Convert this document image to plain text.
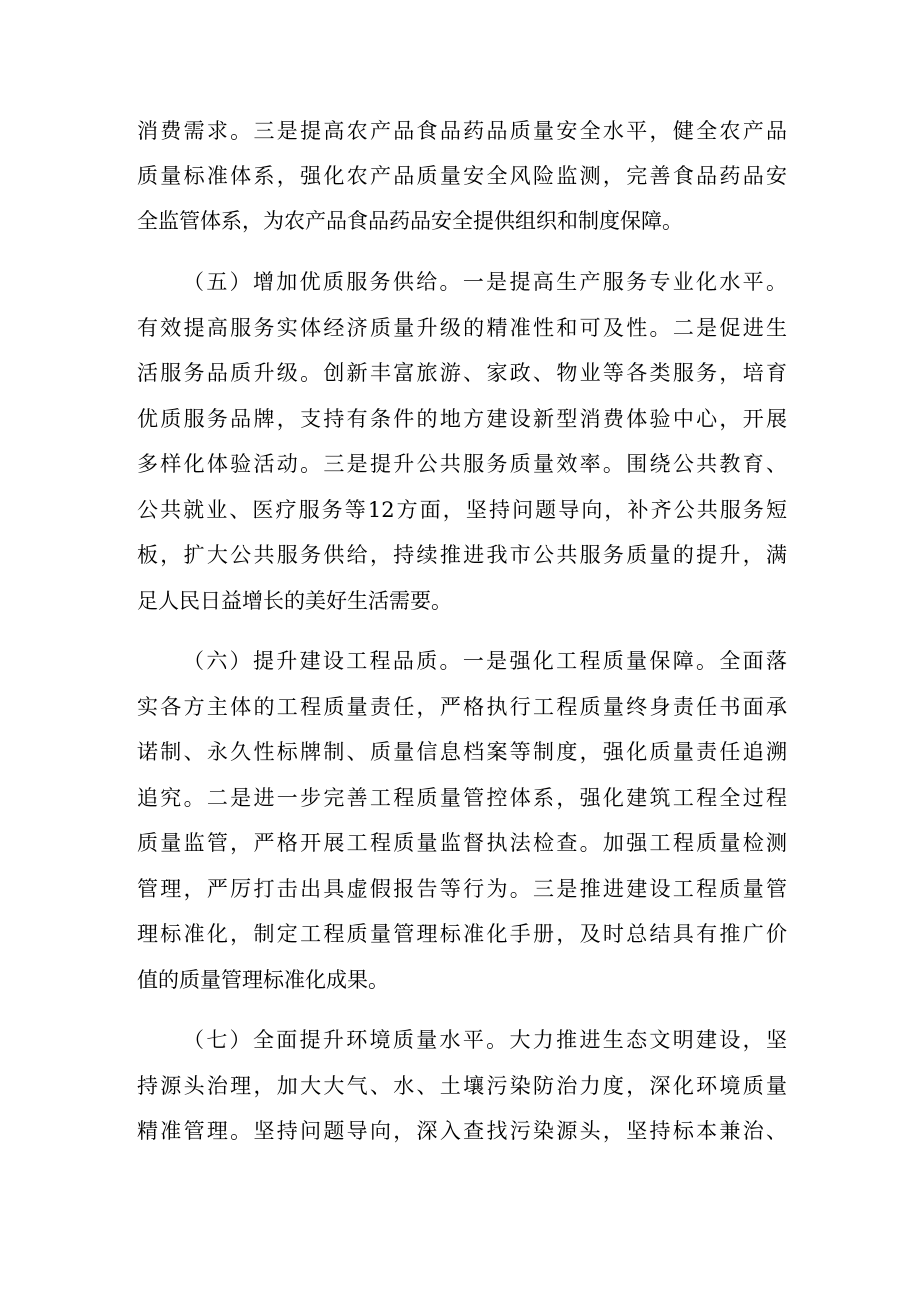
消费需求。三是提高农产品食品药品质量安全水平，健全农产品
质量标准体系，强化农产品质量安全风险监测，完善食品药品安
全监管体系，为农产品食品药品安全提供组织和制度保障。
（五）增加优质服务供给。一是提高生产服务专业化水平。
有效提高服务实体经济质量升级的精准性和可及性。二是促进生
活服务品质升级。创新丰富旅游、家政、物业等各类服务，培育
优质服务品牌，支持有条件的地方建设新型消费体验中心，开展
多样化体验活动。三是提升公共服务质量效率。围绕公共教育、
公共就业、医疗服务等12方面，坚持问题导向，补齐公共服务短
板，扩大公共服务供给，持续推进我市公共服务质量的提升，满
足人民日益增长的美好生活需要。
（六）提升建设工程品质。一是强化工程质量保障。全面落
实各方主体的工程质量责任，严格执行工程质量终身责任书面承
诺制、永久性标牌制、质量信息档案等制度，强化质量责任追溯
追究。二是进一步完善工程质量管控体系，强化建筑工程全过程
质量监管，严格开展工程质量监督执法检查。加强工程质量检测
管理，严厉打击出具虚假报告等行为。三是推进建设工程质量管
理标准化，制定工程质量管理标准化手册，及时总结具有推广价
值的质量管理标准化成果。
（七）全面提升环境质量水平。大力推进生态文明建设，坚
持源头治理，加大大气、水、土壤污染防治力度，深化环境质量
精准管理。坚持问题导向，深入查找污染源头，坚持标本兼治、
